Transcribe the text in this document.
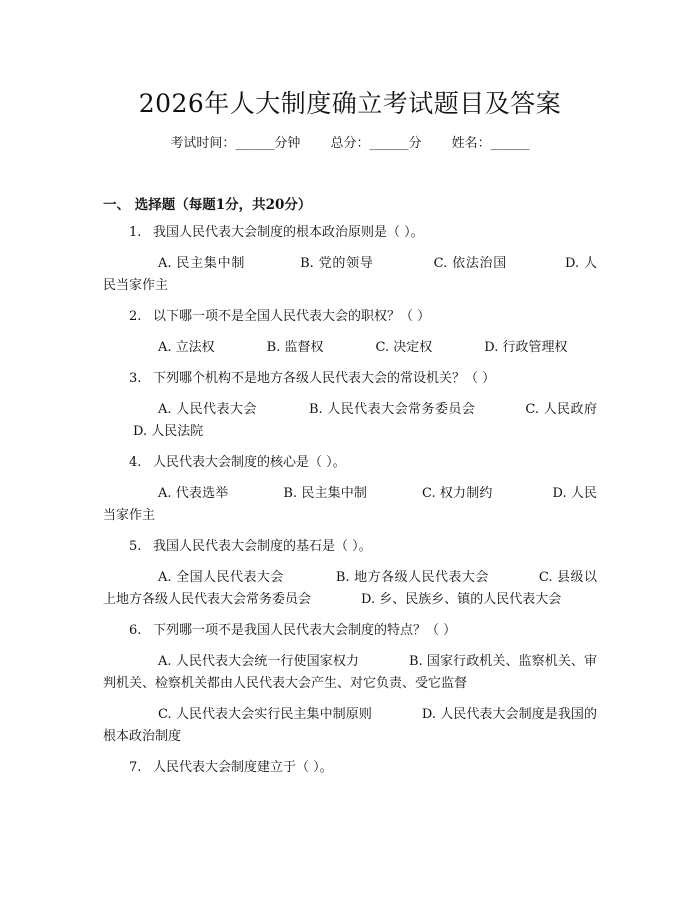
2026年人大制度确立考试题目及答案
考试时间：______分钟 总分：______分 姓名：______
一、 选择题（每题1分，共20分）

1. 我国人民代表大会制度的根本政治原则是（ ）。

A. 民主集中制	B. 党的领导	C. 依法治国	D. 人民当家作主

2. 以下哪一项不是全国人民代表大会的职权？（ ）

A. 立法权	B. 监督权	C. 决定权	D. 行政管理权

3. 下列哪个机构不是地方各级人民代表大会的常设机关？（ ）

A. 人民代表大会	B. 人民代表大会常务委员会	C. 人民政府D. 人民法院

4. 人民代表大会制度的核心是（ ）。

A. 代表选举	B. 民主集中制	C. 权力制约	D. 人民当家作主

5. 我国人民代表大会制度的基石是（ ）。

A. 全国人民代表大会	B. 地方各级人民代表大会	C. 县级以上地方各级人民代表大会常务委员会	D. 乡、民族乡、镇的人民代表大会

6. 下列哪一项不是我国人民代表大会制度的特点？（ ）

A. 人民代表大会统一行使国家权力	B. 国家行政机关、监察机关、审判机关、检察机关都由人民代表大会产生、对它负责、受它监督

C. 人民代表大会实行民主集中制原则	D. 人民代表大会制度是我国的根本政治制度

7. 人民代表大会制度建立于（ ）。
